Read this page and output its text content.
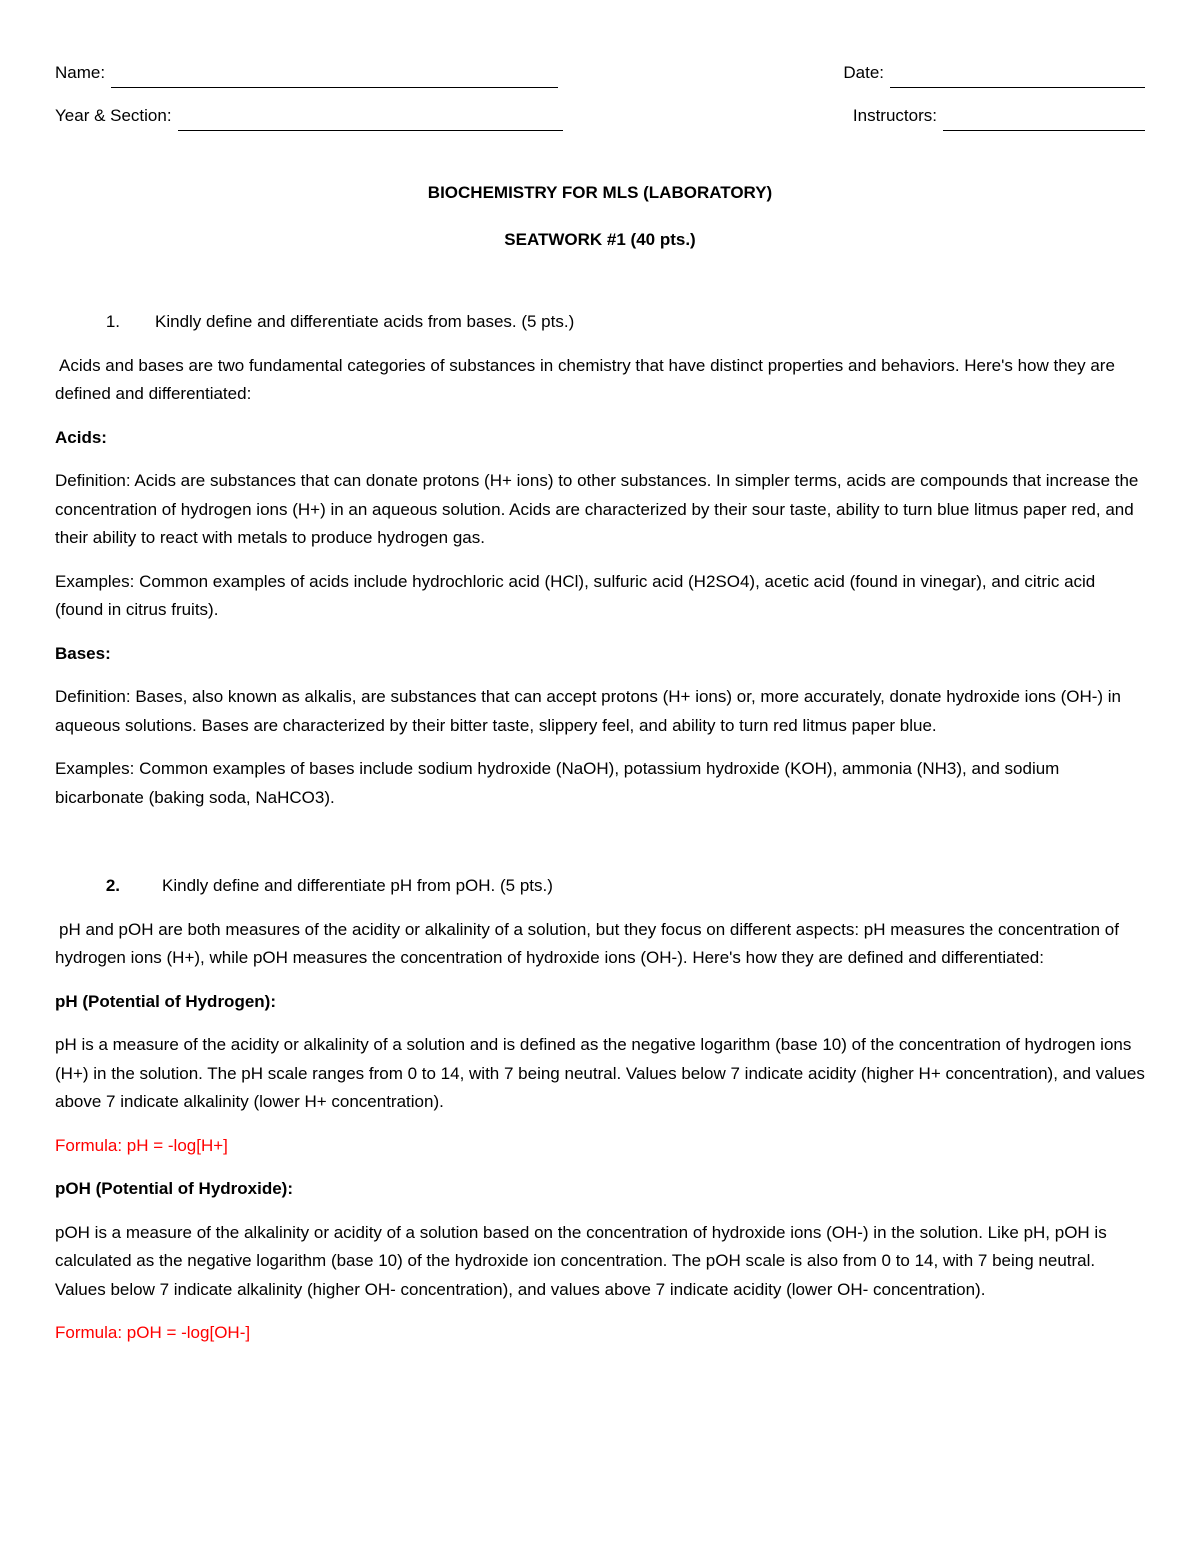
Name:	Date:
Year & Section:	Instructors:

BIOCHEMISTRY FOR MLS (LABORATORY)

SEATWORK #1 (40 pts.)

1. Kindly define and differentiate acids from bases. (5 pts.)

Acids and bases are two fundamental categories of substances in chemistry that have distinct properties and behaviors. Here's how they are defined and differentiated:

Acids:

Definition: Acids are substances that can donate protons (H+ ions) to other substances. In simpler terms, acids are compounds that increase the concentration of hydrogen ions (H+) in an aqueous solution. Acids are characterized by their sour taste, ability to turn blue litmus paper red, and their ability to react with metals to produce hydrogen gas.

Examples: Common examples of acids include hydrochloric acid (HCl), sulfuric acid (H2SO4), acetic acid (found in vinegar), and citric acid (found in citrus fruits).

Bases:

Definition: Bases, also known as alkalis, are substances that can accept protons (H+ ions) or, more accurately, donate hydroxide ions (OH-) in aqueous solutions. Bases are characterized by their bitter taste, slippery feel, and ability to turn red litmus paper blue.

Examples: Common examples of bases include sodium hydroxide (NaOH), potassium hydroxide (KOH), ammonia (NH3), and sodium bicarbonate (baking soda, NaHCO3).

2. Kindly define and differentiate pH from pOH. (5 pts.)

pH and pOH are both measures of the acidity or alkalinity of a solution, but they focus on different aspects: pH measures the concentration of hydrogen ions (H+), while pOH measures the concentration of hydroxide ions (OH-). Here's how they are defined and differentiated:

pH (Potential of Hydrogen):

pH is a measure of the acidity or alkalinity of a solution and is defined as the negative logarithm (base 10) of the concentration of hydrogen ions (H+) in the solution. The pH scale ranges from 0 to 14, with 7 being neutral. Values below 7 indicate acidity (higher H+ concentration), and values above 7 indicate alkalinity (lower H+ concentration).

Formula: pH = -log[H+]

pOH (Potential of Hydroxide):

pOH is a measure of the alkalinity or acidity of a solution based on the concentration of hydroxide ions (OH-) in the solution. Like pH, pOH is calculated as the negative logarithm (base 10) of the hydroxide ion concentration. The pOH scale is also from 0 to 14, with 7 being neutral. Values below 7 indicate alkalinity (higher OH- concentration), and values above 7 indicate acidity (lower OH- concentration).

Formula: pOH = -log[OH-]
